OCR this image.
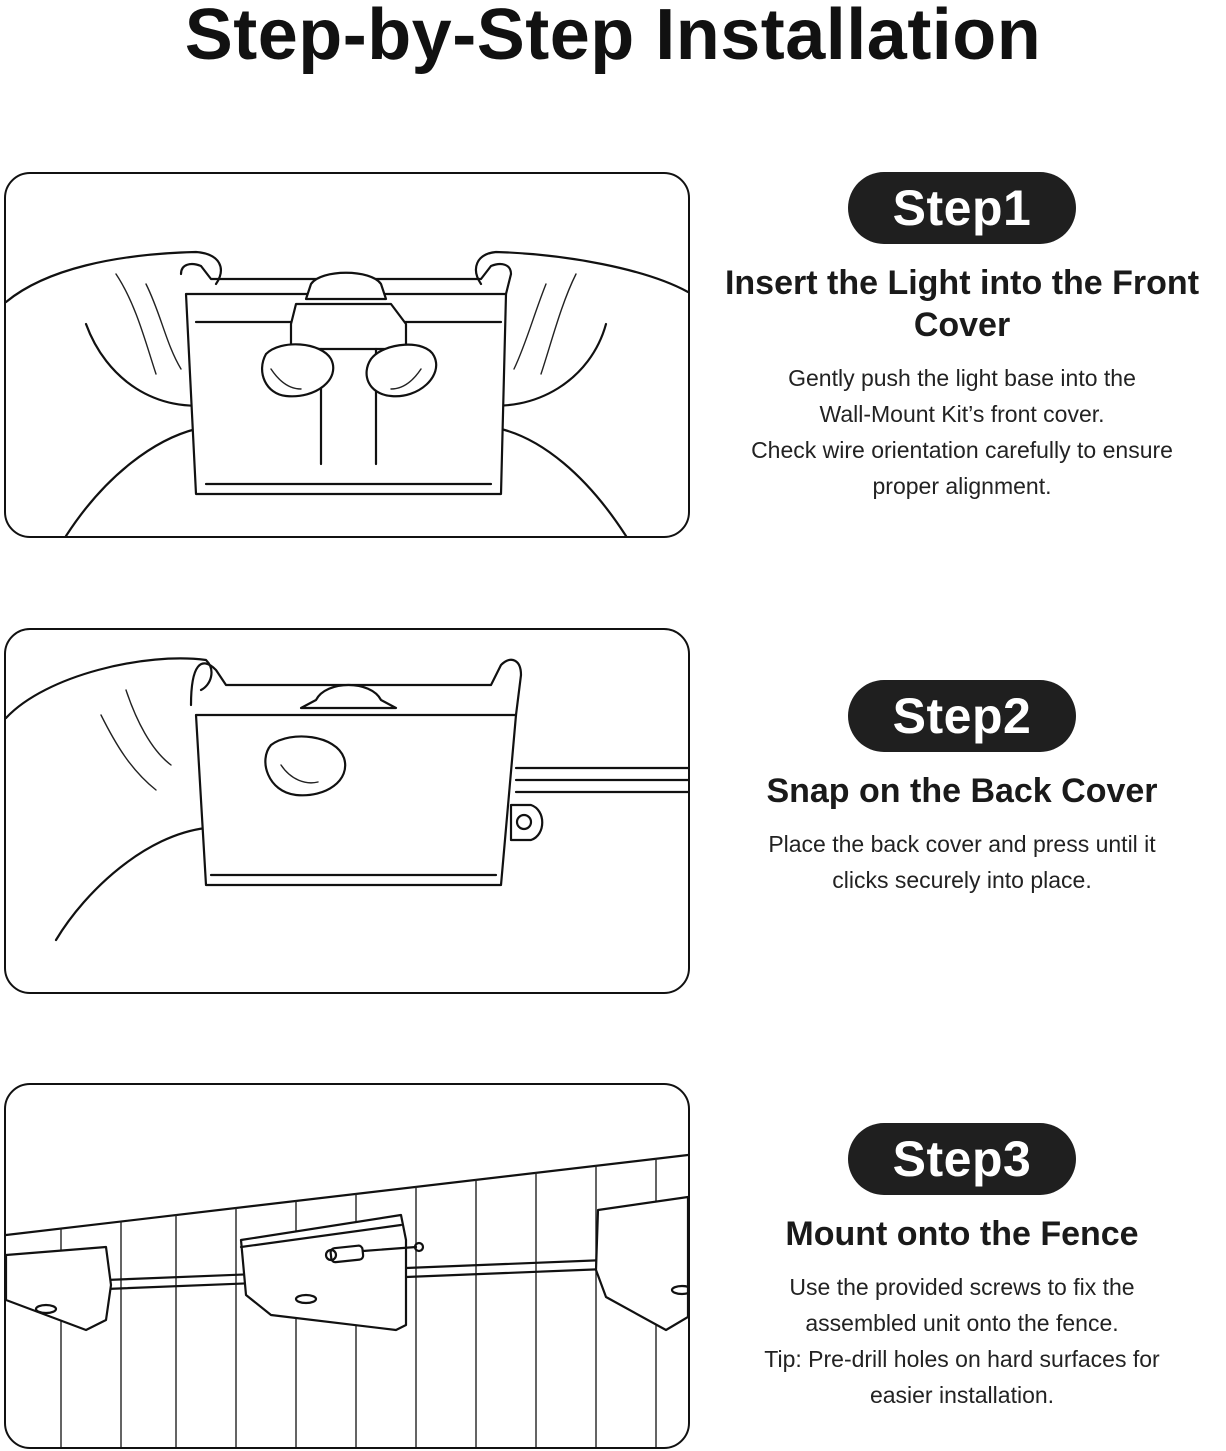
Step-by-Step Installation
Step1
Insert the Light into the Front Cover
Gently push the light base into the
Wall-Mount Kit’s front cover.
Check wire orientation carefully to ensure
proper alignment.
Step2
Snap on the Back Cover
Place the back cover and press until it
clicks securely into place.
Step3
Mount onto the Fence
Use the provided screws to fix the
assembled unit onto the fence.
Tip: Pre-drill holes on hard surfaces for
easier installation.
